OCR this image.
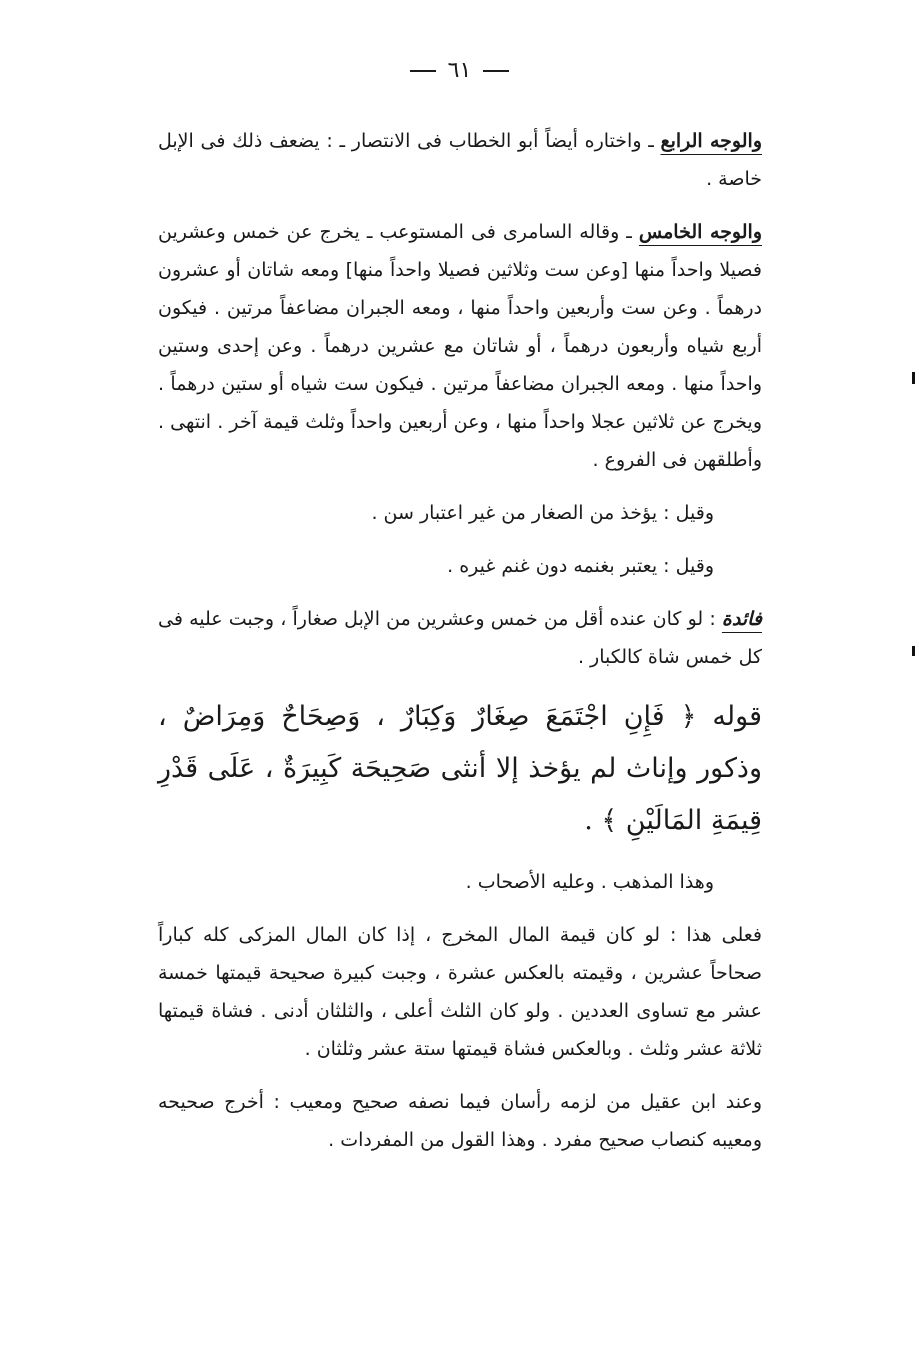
٦١

والوجه الرابع ـ واختاره أيضاً أبو الخطاب فى الانتصار ـ : يضعف ذلك فى الإبل خاصة .

والوجه الخامس ـ وقاله السامرى فى المستوعب ـ يخرج عن خمس وعشرين فصيلا واحداً منها [وعن ست وثلاثين فصيلا واحداً منها] ومعه شاتان أو عشرون درهماً . وعن ست وأربعين واحداً منها ، ومعه الجبران مضاعفاً مرتين . فيكون أربع شياه وأربعون درهماً ، أو شاتان مع عشرين درهماً . وعن إحدى وستين واحداً منها . ومعه الجبران مضاعفاً مرتين . فيكون ست شياه أو ستين درهماً . ويخرج عن ثلاثين عجلا واحداً منها ، وعن أربعين واحداً وثلث قيمة آخر . انتهى . وأطلقهن فى الفروع .

وقيل : يؤخذ من الصغار من غير اعتبار سن .

وقيل : يعتبر بغنمه دون غنم غيره .

فائدة : لو كان عنده أقل من خمس وعشرين من الإبل صغاراً ، وجبت عليه فى كل خمس شاة كالكبار .

قوله ﴿ فَإِنِ اجْتَمَعَ صِغَارٌ وَكِبَارٌ ، وَصِحَاحٌ وَمِرَاضٌ ، وذكور وإناث لم يؤخذ إلا أنثى صَحِيحَة كَبِيرَةٌ ، عَلَى قَدْرِ قِيمَةِ المَالَيْنِ ﴾ .

وهذا المذهب . وعليه الأصحاب .

فعلى هذا : لو كان قيمة المال المخرج ، إذا كان المال المزكى كله كباراً صحاحاً عشرين ، وقيمته بالعكس عشرة ، وجبت كبيرة صحيحة قيمتها خمسة عشر مع تساوى العددين . ولو كان الثلث أعلى ، والثلثان أدنى . فشاة قيمتها ثلاثة عشر وثلث . وبالعكس فشاة قيمتها ستة عشر وثلثان .

وعند ابن عقيل من لزمه رأسان فيما نصفه صحيح ومعيب : أخرج صحيحه ومعيبه كنصاب صحيح مفرد . وهذا القول من المفردات .
